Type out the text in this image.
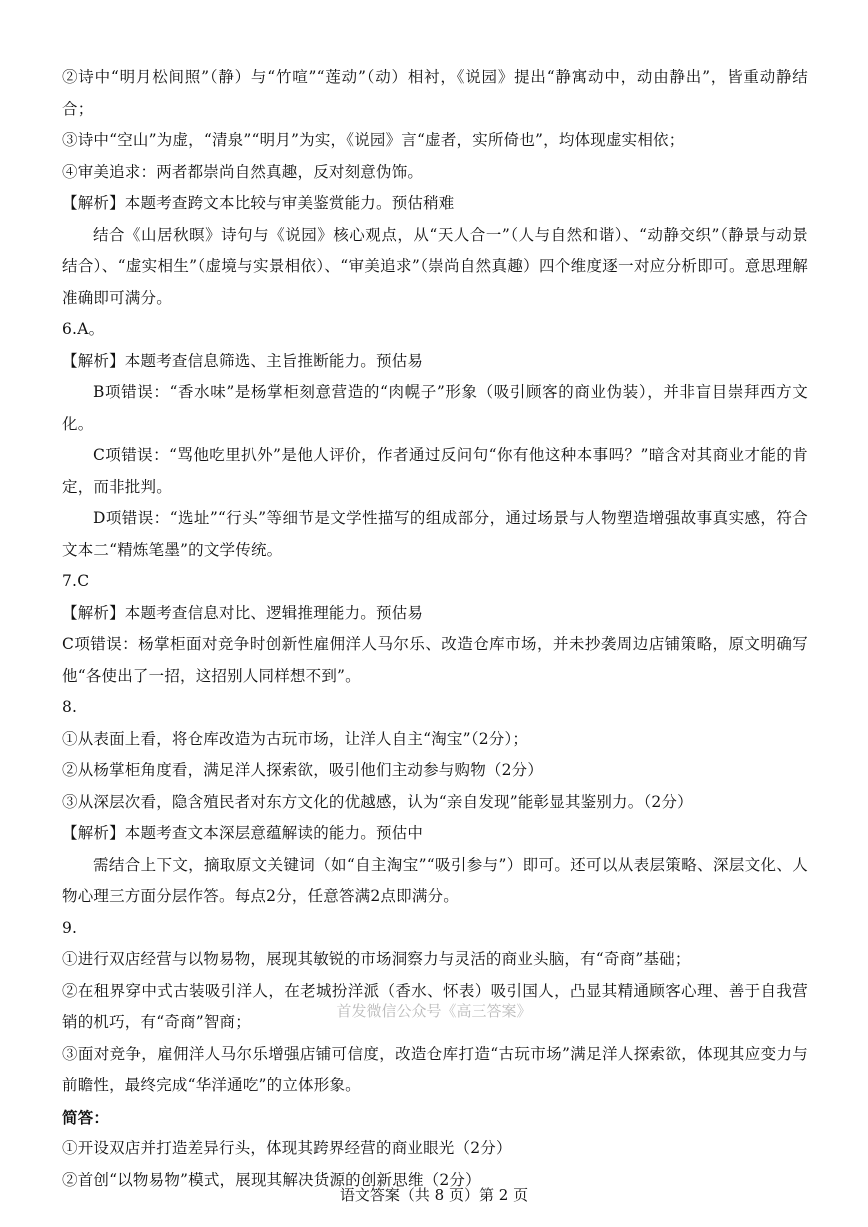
②诗中“明月松间照”（静）与“竹喧”“莲动”（动）相衬，《说园》提出“静寓动中，动由静出”，皆重动静结合；

③诗中“空山”为虚，“清泉”“明月”为实，《说园》言“虚者，实所倚也”，均体现虚实相依；

④审美追求：两者都崇尚自然真趣，反对刻意伪饰。

【解析】本题考查跨文本比较与审美鉴赏能力。预估稍难

结合《山居秋暝》诗句与《说园》核心观点，从“天人合一”（人与自然和谐）、“动静交织”（静景与动景结合）、“虚实相生”（虚境与实景相依）、“审美追求”（崇尚自然真趣）四个维度逐一对应分析即可。意思理解准确即可满分。

6.A。

【解析】本题考查信息筛选、主旨推断能力。预估易

B项错误：“香水味”是杨掌柜刻意营造的“肉幌子”形象（吸引顾客的商业伪装），并非盲目崇拜西方文化。

C项错误：“骂他吃里扒外”是他人评价，作者通过反问句“你有他这种本事吗？”暗含对其商业才能的肯定，而非批判。

D项错误：“选址”“行头”等细节是文学性描写的组成部分，通过场景与人物塑造增强故事真实感，符合文本二“精炼笔墨”的文学传统。

7.C

【解析】本题考查信息对比、逻辑推理能力。预估易

C项错误：杨掌柜面对竞争时创新性雇佣洋人马尔乐、改造仓库市场，并未抄袭周边店铺策略，原文明确写他“各使出了一招，这招别人同样想不到”。

8.

①从表面上看，将仓库改造为古玩市场，让洋人自主“淘宝”（2分）；

②从杨掌柜角度看，满足洋人探索欲，吸引他们主动参与购物（2分）

③从深层次看，隐含殖民者对东方文化的优越感，认为“亲自发现”能彰显其鉴别力。（2分）

【解析】本题考查文本深层意蕴解读的能力。预估中

需结合上下文，摘取原文关键词（如“自主淘宝”“吸引参与”）即可。还可以从表层策略、深层文化、人物心理三方面分层作答。每点2分，任意答满2点即满分。

9.

①进行双店经营与以物易物，展现其敏锐的市场洞察力与灵活的商业头脑，有“奇商”基础；

②在租界穿中式古装吸引洋人，在老城扮洋派（香水、怀表）吸引国人，凸显其精通顾客心理、善于自我营销的机巧，有“奇商”智商；

③面对竞争，雇佣洋人马尔乐增强店铺可信度，改造仓库打造“古玩市场”满足洋人探索欲，体现其应变力与前瞻性，最终完成“华洋通吃”的立体形象。

简答：

①开设双店并打造差异行头，体现其跨界经营的商业眼光（2分）

②首创“以物易物”模式，展现其解决货源的创新思维（2分）

首发微信公众号《高三答案》
语文答案（共 8 页）第 2 页
